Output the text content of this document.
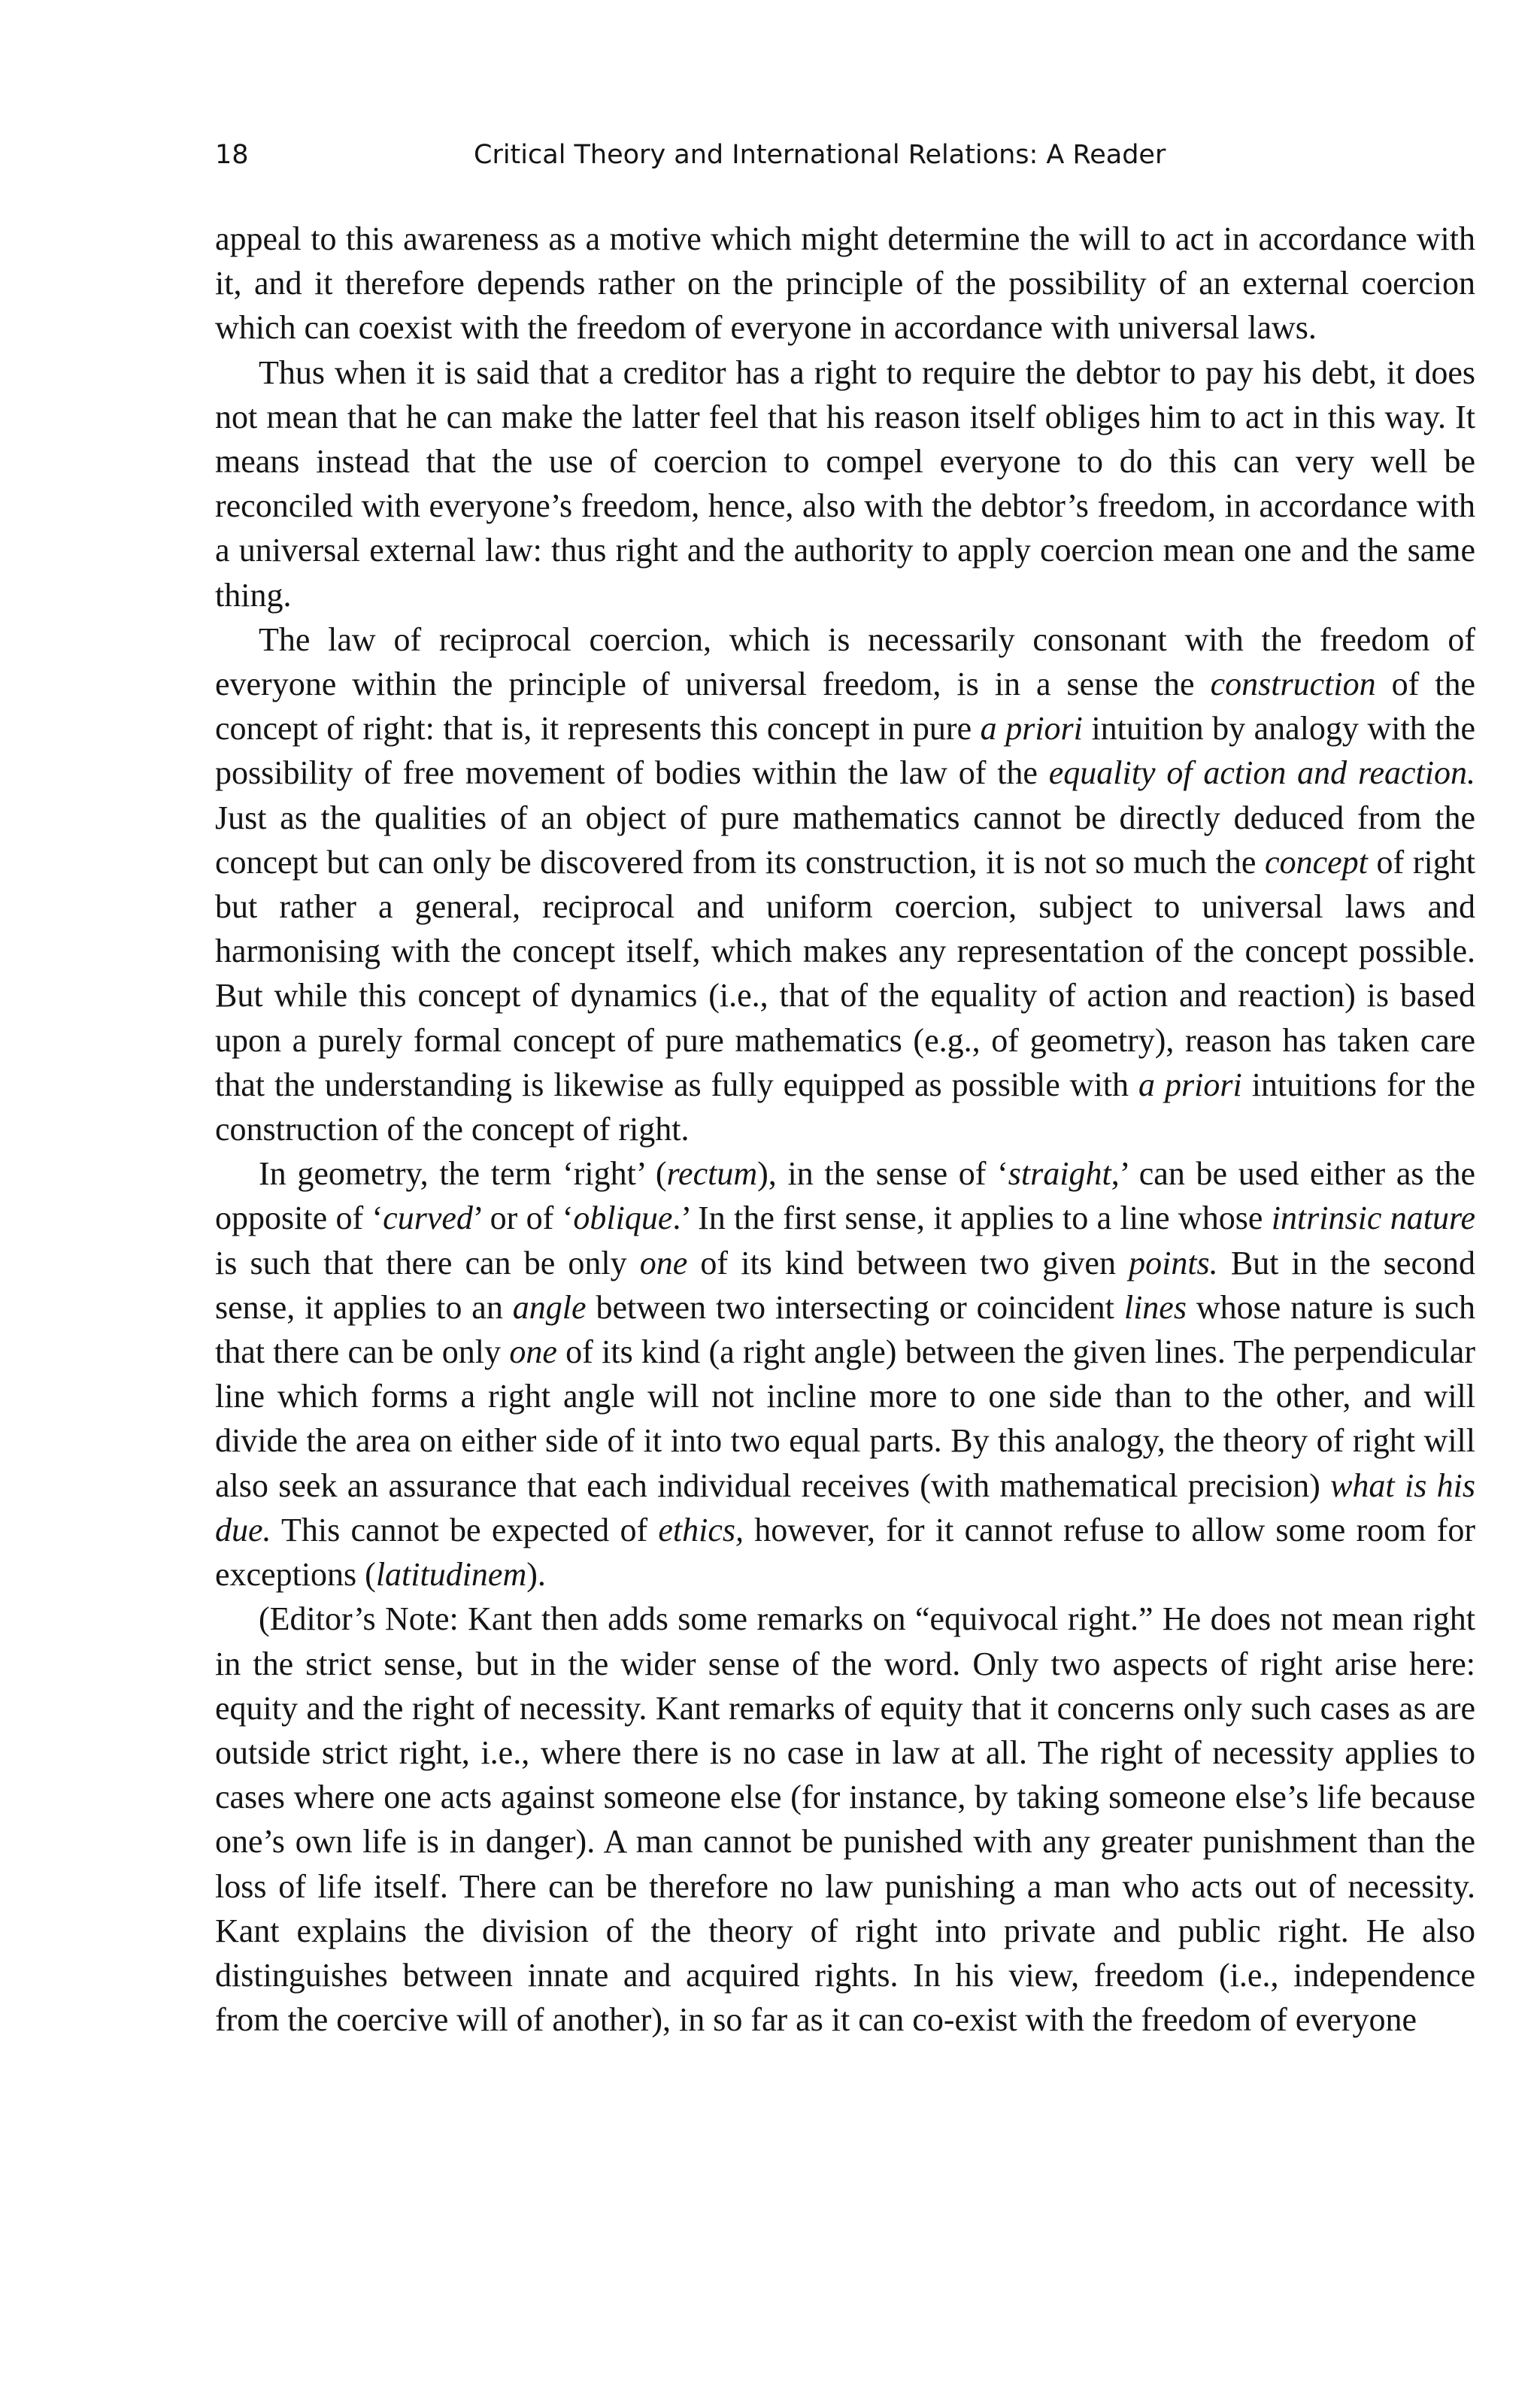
18	Critical Theory and International Relations: A Reader

appeal to this awareness as a motive which might determine the will to act in accordance with it, and it therefore depends rather on the principle of the possibility of an external coercion which can coexist with the freedom of everyone in accordance with universal laws.

Thus when it is said that a creditor has a right to require the debtor to pay his debt, it does not mean that he can make the latter feel that his reason itself obliges him to act in this way. It means instead that the use of coercion to compel everyone to do this can very well be reconciled with everyone’s freedom, hence, also with the debtor’s freedom, in accordance with a universal external law: thus right and the authority to apply coercion mean one and the same thing.

The law of reciprocal coercion, which is necessarily consonant with the freedom of everyone within the principle of universal freedom, is in a sense the construction of the concept of right: that is, it represents this concept in pure a priori intuition by analogy with the possibility of free movement of bodies within the law of the equality of action and reaction. Just as the qualities of an object of pure mathematics cannot be directly deduced from the concept but can only be discovered from its construction, it is not so much the concept of right but rather a general, reciprocal and uniform coercion, subject to universal laws and harmonising with the concept itself, which makes any representation of the concept possible. But while this concept of dynamics (i.e., that of the equality of action and reaction) is based upon a purely formal concept of pure mathematics (e.g., of geometry), reason has taken care that the understanding is likewise as fully equipped as possible with a priori intuitions for the construction of the concept of right.

In geometry, the term ‘right’ (rectum), in the sense of ‘straight,’ can be used either as the opposite of ‘curved’ or of ‘oblique.’ In the first sense, it applies to a line whose intrinsic nature is such that there can be only one of its kind between two given points. But in the second sense, it applies to an angle between two intersecting or coincident lines whose nature is such that there can be only one of its kind (a right angle) between the given lines. The perpendicular line which forms a right angle will not incline more to one side than to the other, and will divide the area on either side of it into two equal parts. By this analogy, the theory of right will also seek an assurance that each individual receives (with mathematical precision) what is his due. This cannot be expected of ethics, however, for it cannot refuse to allow some room for exceptions (latitudinem).

(Editor’s Note: Kant then adds some remarks on “equivocal right.” He does not mean right in the strict sense, but in the wider sense of the word. Only two aspects of right arise here: equity and the right of necessity. Kant remarks of equity that it concerns only such cases as are outside strict right, i.e., where there is no case in law at all. The right of necessity applies to cases where one acts against someone else (for instance, by taking someone else’s life because one’s own life is in danger). A man cannot be punished with any greater punishment than the loss of life itself. There can be therefore no law punishing a man who acts out of necessity. Kant explains the division of the theory of right into private and public right. He also distinguishes between innate and acquired rights. In his view, freedom (i.e., independence from the coercive will of another), in so far as it can co-exist with the freedom of everyone
